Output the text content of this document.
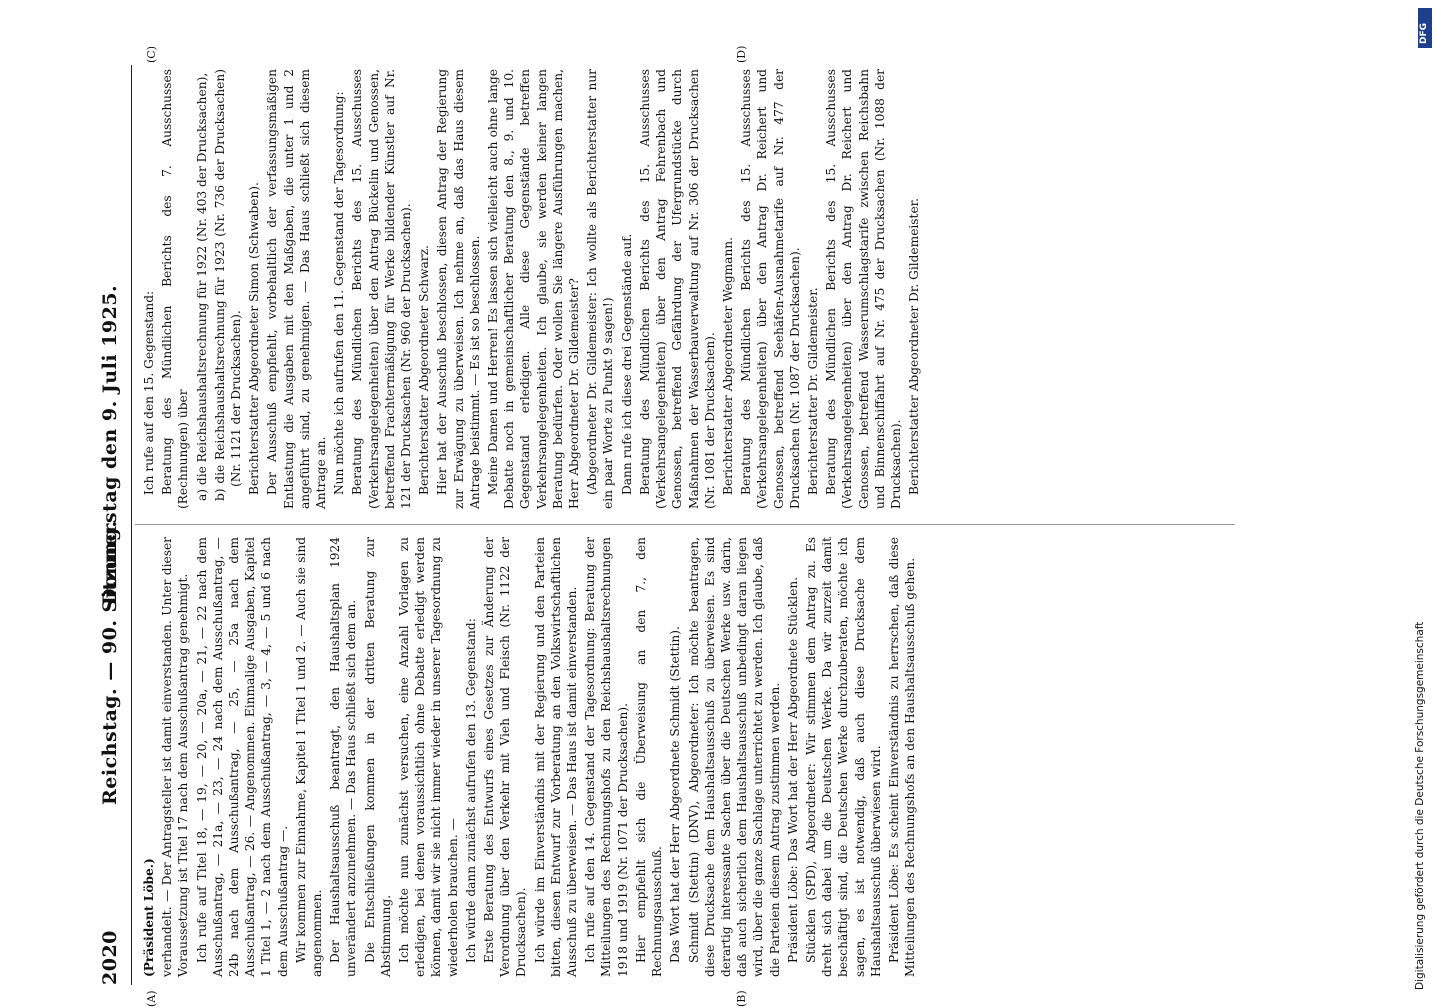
2020
Reichstag. — 90. Sitzung.
Donnerstag den 9. Juli 1925.
(A)	(B)
(C)	(D)

(Präsident Löbe.) verhandelt. — Der Antragsteller ist damit einverstanden. Unter dieser Voraussetzung ist Titel 17 nach dem Ausschußantrag genehmigt. Ich rufe auf Titel 18, — 19, — 20, — 20a, — 21, — 22 nach dem Ausschußantrag, — 21a, — 23, — 24 nach dem Ausschußantrag, — 24b nach dem Ausschußantrag, — 25, — 25a nach dem Ausschußantrag, — 26. — Angenommen. Einmalige Ausgaben, Kapitel 1 Titel 1, — 2 nach dem Ausschußantrag, — 3, — 4, — 5 und 6 nach dem Ausschußantrag —. Wir kommen zur Einnahme, Kapitel 1 Titel 1 und 2. — Auch sie sind angenommen. Der Haushaltsausschuß beantragt, den Haushaltsplan 1924 unverändert anzunehmen. — Das Haus schließt sich dem an. Die Entschließungen kommen in der dritten Beratung zur Abstimmung. Ich möchte nun zunächst versuchen, eine Anzahl Vorlagen zu erledigen, bei denen voraussichtlich ohne Debatte erledigt werden können, damit wir sie nicht immer wieder in unserer Tagesordnung zu wiederholen brauchen. — Ich würde dann zunächst aufrufen den 13. Gegenstand: Erste Beratung des Entwurfs eines Gesetzes zur Änderung der Verordnung über den Verkehr mit Vieh und Fleisch (Nr. 1122 der Drucksachen). Ich würde im Einverständnis mit der Regierung und den Parteien bitten, diesen Entwurf zur Vorberatung an den Volkswirtschaftlichen Ausschuß zu überweisen. — Das Haus ist damit einverstanden. Ich rufe auf den 14. Gegenstand der Tagesordnung: Beratung der Mitteilungen des Rechnungshofs zu den Reichshaushaltsrechnungen 1918 und 1919 (Nr. 1071 der Drucksachen). Hier empfiehlt sich die Überweisung an den 7., den Rechnungsausschuß. Das Wort hat der Herr Abgeordnete Schmidt (Stettin). Schmidt (Stettin) (DNV), Abgeordneter: Ich möchte beantragen, diese Drucksache dem Haushaltsausschuß zu überweisen. Es sind derartig interessante Sachen über die Deutschen Werke usw. darin, daß auch sicherlich dem Haushaltsausschuß unbedingt daran liegen wird, über die ganze Sachlage unterrichtet zu werden. Ich glaube, daß die Parteien diesem Antrag zustimmen werden. Präsident Löbe: Das Wort hat der Herr Abgeordnete Stücklen. Stücklen (SPD), Abgeordneter: Wir stimmen dem Antrag zu. Es dreht sich dabei um die Deutschen Werke. Da wir zurzeit damit beschäftigt sind, die Deutschen Werke durchzuberaten, möchte ich sagen, es ist notwendig, daß auch diese Drucksache dem Haushaltsausschuß überwiesen wird. Präsident Löbe: Es scheint Einverständnis zu herrschen, daß diese Mitteilungen des Rechnungshofs an den Haushaltsausschuß gehen.

Ich rufe auf den 15. Gegenstand: Beratung des Mündlichen Berichts des 7. Ausschusses (Rechnungen) über a) die Reichshaushaltsrechnung für 1922 (Nr. 403 der Drucksachen), b) die Reichshaushaltsrechnung für 1923 (Nr. 736 der Drucksachen) (Nr. 1121 der Drucksachen). Berichterstatter Abgeordneter Simon (Schwaben). Der Ausschuß empfiehlt, vorbehaltlich der verfassungsmäßigen Entlastung die Ausgaben mit den Maßgaben, die unter 1 und 2 angeführt sind, zu genehmigen. — Das Haus schließt sich diesem Antrage an. Nun möchte ich aufrufen den 11. Gegenstand der Tagesordnung: Beratung des Mündlichen Berichts des 15. Ausschusses (Verkehrsangelegenheiten) über den Antrag Bückelin und Genossen, betreffend Frachtermäßigung für Werke bildender Künstler auf Nr. 121 der Drucksachen (Nr. 960 der Drucksachen). Berichterstatter Abgeordneter Schwarz. Hier hat der Ausschuß beschlossen, diesen Antrag der Regierung zur Erwägung zu überweisen. Ich nehme an, daß das Haus diesem Antrage beistimmt. — Es ist so beschlossen. Meine Damen und Herren! Es lassen sich vielleicht auch ohne lange Debatte noch in gemeinschaftlicher Beratung den 8., 9. und 10. Gegenstand erledigen. Alle diese Gegenstände betreffen Verkehrsangelegenheiten. Ich glaube, sie werden keiner langen Beratung bedürfen. Oder wollen Sie längere Ausführungen machen, Herr Abgeordneter Dr. Gildemeister? (Abgeordneter Dr. Gildemeister: Ich wollte als Berichterstatter nur ein paar Worte zu Punkt 9 sagen!) Dann rufe ich diese drei Gegenstände auf. Beratung des Mündlichen Berichts des 15. Ausschusses (Verkehrsangelegenheiten) über den Antrag Fehrenbach und Genossen, betreffend Gefährdung der Ufergrundstücke durch Maßnahmen der Wasserbauverwaltung auf Nr. 306 der Drucksachen (Nr. 1081 der Drucksachen). Berichterstatter Abgeordneter Wegmann. Beratung des Mündlichen Berichts des 15. Ausschusses (Verkehrsangelegenheiten) über den Antrag Dr. Reichert und Genossen, betreffend Seehäfen-Ausnahmetarife auf Nr. 477 der Drucksachen (Nr. 1087 der Drucksachen). Berichterstatter Dr. Gildemeister. Beratung des Mündlichen Berichts des 15. Ausschusses (Verkehrsangelegenheiten) über den Antrag Dr. Reichert und Genossen, betreffend Wasserumschlagstarife zwischen Reichsbahn und Binnenschiffahrt auf Nr. 475 der Drucksachen (Nr. 1088 der Drucksachen). Berichterstatter Abgeordneter Dr. Gildemeister.

DFG
Digitalisierung gefördert durch die Deutsche Forschungsgemeinschaft
